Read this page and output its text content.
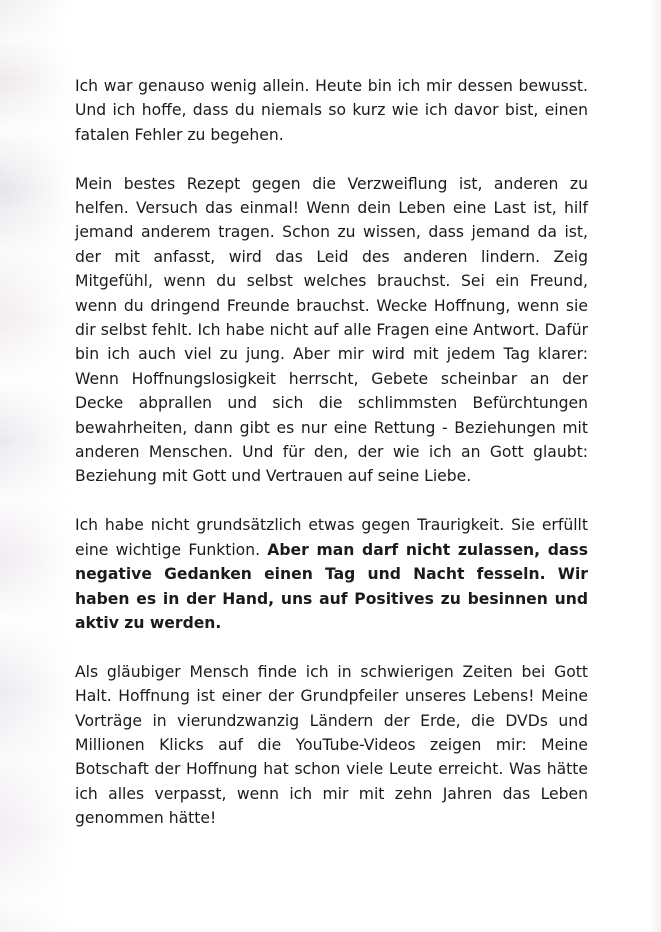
Ich war genauso wenig allein. Heute bin ich mir dessen bewusst. Und ich hoffe, dass du niemals so kurz wie ich davor bist, einen fatalen Fehler zu begehen.

Mein bestes Rezept gegen die Verzweiflung ist, anderen zu helfen. Versuch das einmal! Wenn dein Leben eine Last ist, hilf jemand anderem tragen. Schon zu wissen, dass jemand da ist, der mit anfasst, wird das Leid des anderen lindern. Zeig Mitgefühl, wenn du selbst welches brauchst. Sei ein Freund, wenn du dringend Freunde brauchst. Wecke Hoffnung, wenn sie dir selbst fehlt. Ich habe nicht auf alle Fragen eine Antwort. Dafür bin ich auch viel zu jung. Aber mir wird mit jedem Tag klarer: Wenn Hoffnungslosigkeit herrscht, Gebete scheinbar an der Decke abprallen und sich die schlimmsten Befürchtungen bewahrheiten, dann gibt es nur eine Rettung - Beziehungen mit anderen Menschen. Und für den, der wie ich an Gott glaubt: Beziehung mit Gott und Vertrauen auf seine Liebe.

Ich habe nicht grundsätzlich etwas gegen Traurigkeit. Sie erfüllt eine wichtige Funktion. Aber man darf nicht zulassen, dass negative Gedanken einen Tag und Nacht fesseln. Wir haben es in der Hand, uns auf Positives zu besinnen und aktiv zu werden.

Als gläubiger Mensch finde ich in schwierigen Zeiten bei Gott Halt. Hoffnung ist einer der Grundpfeiler unseres Lebens! Meine Vorträge in vierundzwanzig Ländern der Erde, die DVDs und Millionen Klicks auf die YouTube-Videos zeigen mir: Meine Botschaft der Hoffnung hat schon viele Leute erreicht. Was hätte ich alles verpasst, wenn ich mir mit zehn Jahren das Leben genommen hätte!
